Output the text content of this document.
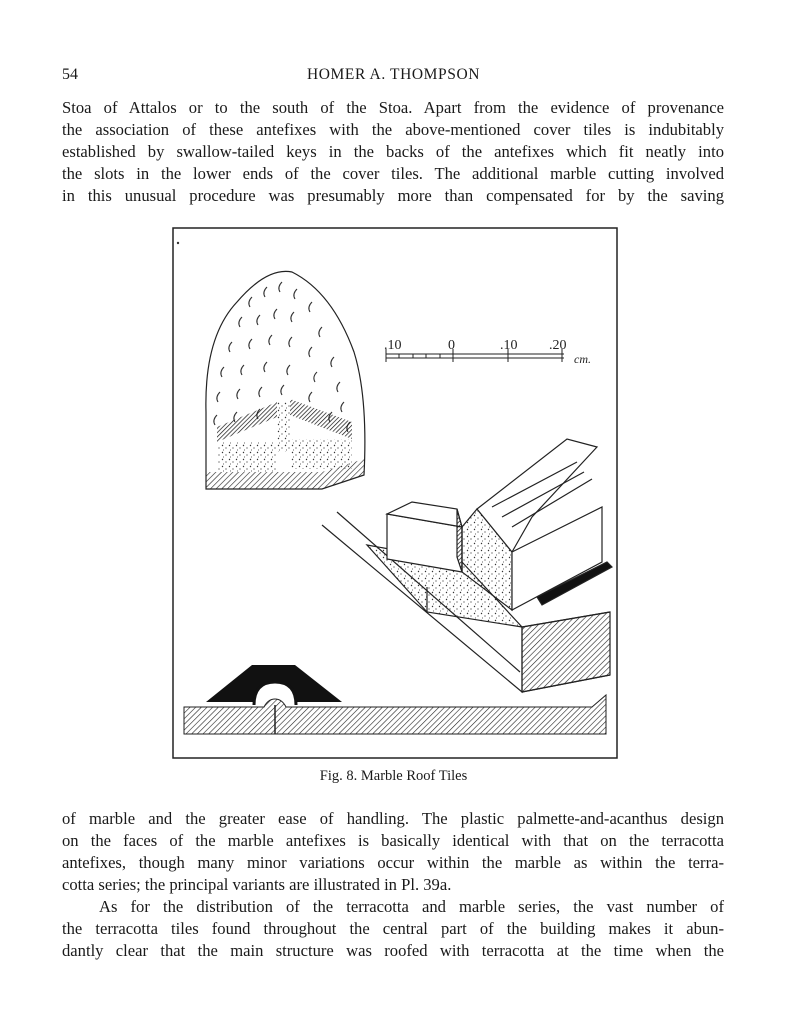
54	HOMER A. THOMPSON

Stoa of Attalos or to the south of the Stoa. Apart from the evidence of provenance
the association of these antefixes with the above-mentioned cover tiles is indubitably
established by swallow-tailed keys in the backs of the antefixes which fit neatly into
the slots in the lower ends of the cover tiles. The additional marble cutting involved
in this unusual procedure was presumably more than compensated for by the saving

.10	0	.10 .20
cm.
Fig. 8. Marble Roof Tiles

of marble and the greater ease of handling. The plastic palmette-and-acanthus design
on the faces of the marble antefixes is basically identical with that on the terracotta
antefixes, though many minor variations occur within the marble as within the terra-
cotta series; the principal variants are illustrated in Pl. 39a.

As for the distribution of the terracotta and marble series, the vast number of
the terracotta tiles found throughout the central part of the building makes it abun-
dantly clear that the main structure was roofed with terracotta at the time when the
